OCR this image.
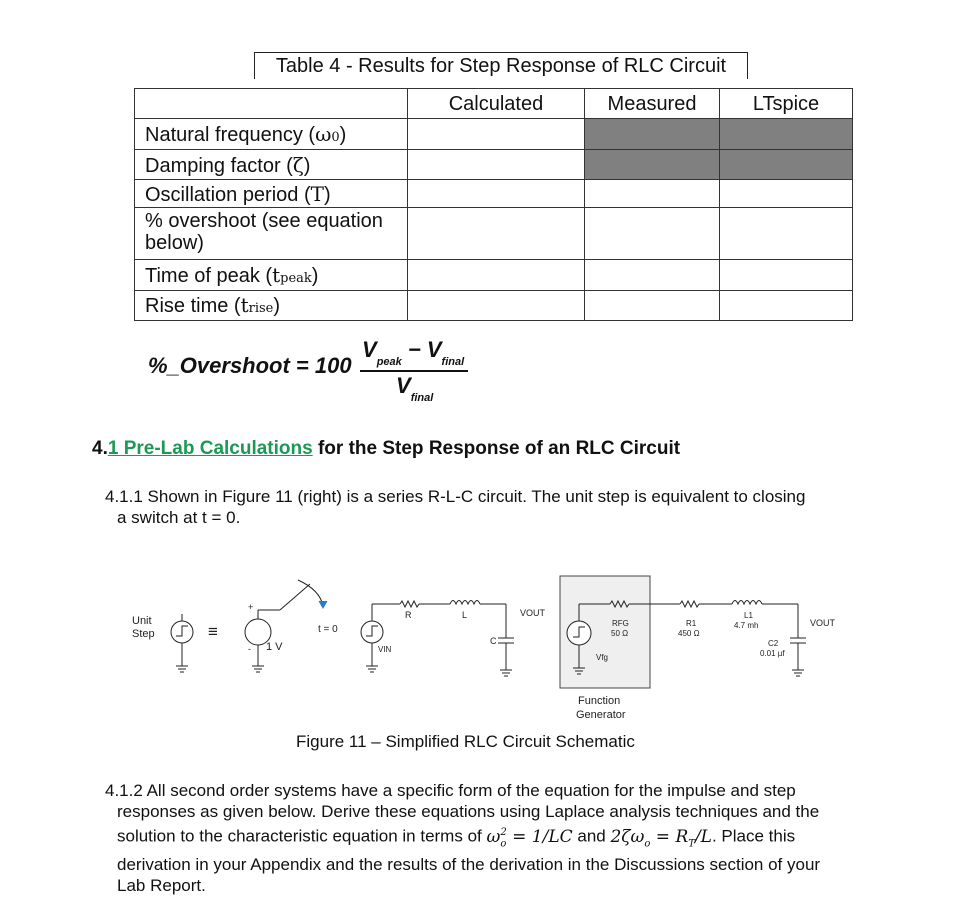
Table 4 - Results for Step Response of RLC Circuit
	Calculated	Measured	LTspice
Natural frequency (ω0)			
Damping factor (ζ)			
Oscillation period (T)			
% overshoot (see equation below)			
Time of peak (tpeak)			
Rise time (trise)			
%_Overshoot = 100
$V_{peak} - V_{final}$
$V_{final}$
4.1 Pre-Lab Calculations for the Step Response of an RLC Circuit
4.1.1 Shown in Figure 11 (right) is a series R-L-C circuit. The unit step is equivalent to closing
a switch at t = 0.
Unit
Step	≡
+
- 1 V
t = 0
VIN
R	L
C
VOUT
RFG
50 Ω
Vfg
R1
450 Ω
L1
4.7 mh
C2
0.01 µf
VOUT
Function
Generator
Figure 11 – Simplified RLC Circuit Schematic
4.1.2 All second order systems have a specific form of the equation for the impulse and step
responses as given below. Derive these equations using Laplace analysis techniques and the
solution to the characteristic equation in terms of $\omega_o^2 = 1/LC$ and $2\zeta\omega_o = R_T/L$. Place this
derivation in your Appendix and the results of the derivation in the Discussions section of your
Lab Report.
